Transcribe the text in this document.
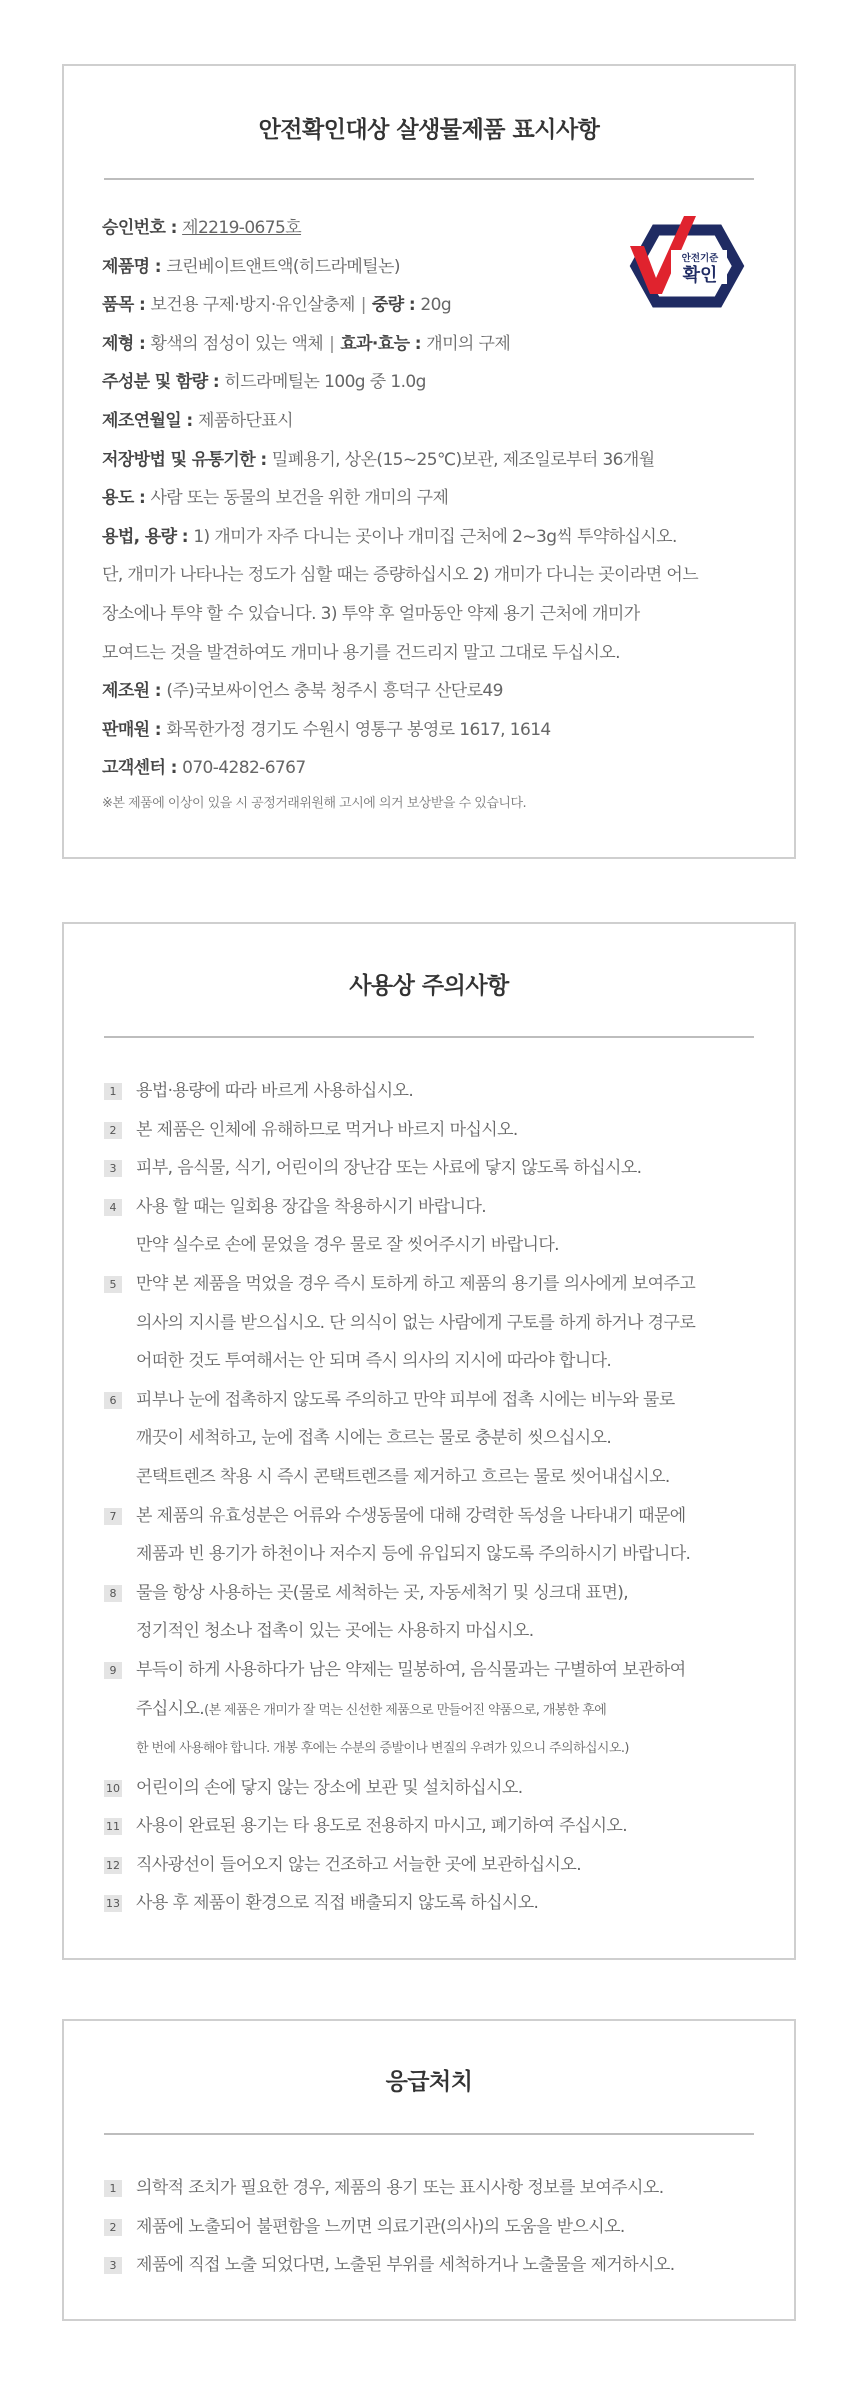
안전확인대상 살생물제품 표시사항
안전기준
확인
승인번호 : 제2219-0675호
제품명 : 크린베이트앤트액(히드라메틸논)
품목 : 보건용 구제·방지·유인살충제 | 중량 : 20g
제형 : 황색의 점성이 있는 액체 | 효과·효능 : 개미의 구제
주성분 및 함량 : 히드라메틸논 100g 중 1.0g
제조연월일 : 제품하단표시
저장방법 및 유통기한 : 밀폐용기, 상온(15~25℃)보관, 제조일로부터 36개월
용도 : 사람 또는 동물의 보건을 위한 개미의 구제
용법, 용량 : 1) 개미가 자주 다니는 곳이나 개미집 근처에 2~3g씩 투약하십시오.
단, 개미가 나타나는 정도가 심할 때는 증량하십시오 2) 개미가 다니는 곳이라면 어느
장소에나 투약 할 수 있습니다. 3) 투약 후 얼마동안 약제 용기 근처에 개미가
모여드는 것을 발견하여도 개미나 용기를 건드리지 말고 그대로 두십시오.
제조원 : (주)국보싸이언스 충북 청주시 흥덕구 산단로49
판매원 : 화목한가정 경기도 수원시 영통구 봉영로 1617, 1614
고객센터 : 070-4282-6767
※본 제품에 이상이 있을 시 공정거래위원해 고시에 의거 보상받을 수 있습니다.
사용상 주의사항
1	용법·용량에 따라 바르게 사용하십시오.
2	본 제품은 인체에 유해하므로 먹거나 바르지 마십시오.
3	피부, 음식물, 식기, 어린이의 장난감 또는 사료에 닿지 않도록 하십시오.
4	사용 할 때는 일회용 장갑을 착용하시기 바랍니다.
만약 실수로 손에 묻었을 경우 물로 잘 씻어주시기 바랍니다.
5	만약 본 제품을 먹었을 경우 즉시 토하게 하고 제품의 용기를 의사에게 보여주고
의사의 지시를 받으십시오. 단 의식이 없는 사람에게 구토를 하게 하거나 경구로
어떠한 것도 투여해서는 안 되며 즉시 의사의 지시에 따라야 합니다.
6	피부나 눈에 접촉하지 않도록 주의하고 만약 피부에 접촉 시에는 비누와 물로
깨끗이 세척하고, 눈에 접촉 시에는 흐르는 물로 충분히 씻으십시오.
콘택트렌즈 착용 시 즉시 콘택트렌즈를 제거하고 흐르는 물로 씻어내십시오.
7	본 제품의 유효성분은 어류와 수생동물에 대해 강력한 독성을 나타내기 때문에
제품과 빈 용기가 하천이나 저수지 등에 유입되지 않도록 주의하시기 바랍니다.
8	물을 항상 사용하는 곳(물로 세척하는 곳, 자동세척기 및 싱크대 표면),
정기적인 청소나 접촉이 있는 곳에는 사용하지 마십시오.
9	부득이 하게 사용하다가 남은 약제는 밀봉하여, 음식물과는 구별하여 보관하여
주십시오.(본 제품은 개미가 잘 먹는 신선한 제품으로 만들어진 약품으로, 개봉한 후에
한 번에 사용해야 합니다. 개봉 후에는 수분의 증발이나 변질의 우려가 있으니 주의하십시오.)
10 어린이의 손에 닿지 않는 장소에 보관 및 설치하십시오.
11 사용이 완료된 용기는 타 용도로 전용하지 마시고, 폐기하여 주십시오.
12 직사광선이 들어오지 않는 건조하고 서늘한 곳에 보관하십시오.
13 사용 후 제품이 환경으로 직접 배출되지 않도록 하십시오.
응급처치
1	의학적 조치가 필요한 경우, 제품의 용기 또는 표시사항 정보를 보여주시오.
2	제품에 노출되어 불편함을 느끼면 의료기관(의사)의 도움을 받으시오.
3	제품에 직접 노출 되었다면, 노출된 부위를 세척하거나 노출물을 제거하시오.
